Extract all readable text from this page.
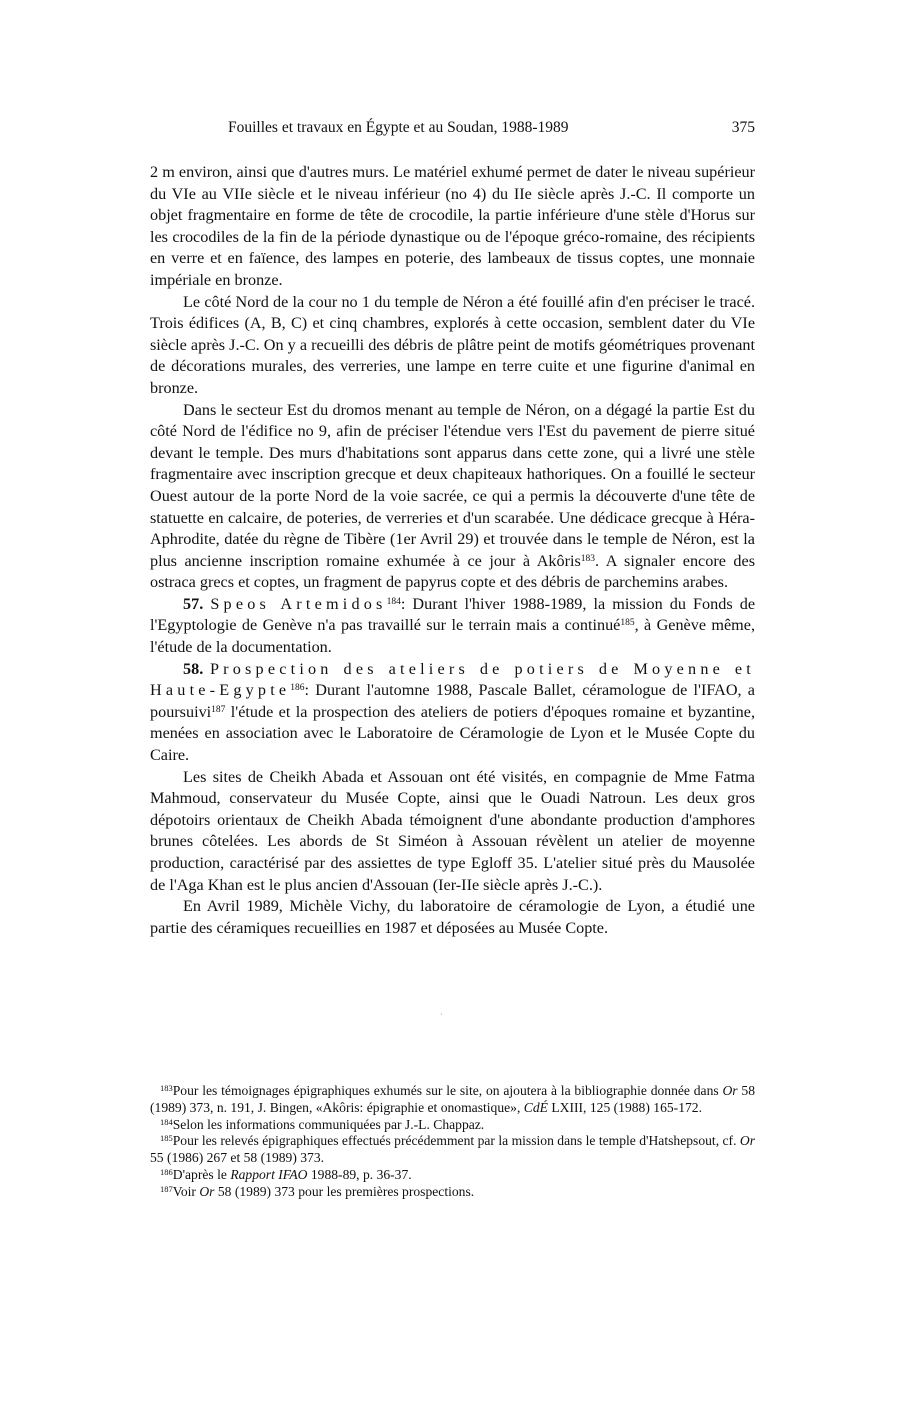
Fouilles et travaux en Égypte et au Soudan, 1988-1989	375

2 m environ, ainsi que d'autres murs. Le matériel exhumé permet de dater le niveau supérieur du VIe au VIIe siècle et le niveau inférieur (no 4) du IIe siècle après J.-C. Il comporte un objet fragmentaire en forme de tête de crocodile, la partie inférieure d'une stèle d'Horus sur les crocodiles de la fin de la période dynastique ou de l'époque gréco-romaine, des récipients en verre et en faïence, des lampes en poterie, des lambeaux de tissus coptes, une monnaie impériale en bronze.

Le côté Nord de la cour no 1 du temple de Néron a été fouillé afin d'en préciser le tracé. Trois édifices (A, B, C) et cinq chambres, explorés à cette occasion, semblent dater du VIe siècle après J.-C. On y a recueilli des débris de plâtre peint de motifs géométriques provenant de décorations murales, des verreries, une lampe en terre cuite et une figurine d'animal en bronze.

Dans le secteur Est du dromos menant au temple de Néron, on a dégagé la partie Est du côté Nord de l'édifice no 9, afin de préciser l'étendue vers l'Est du pavement de pierre situé devant le temple. Des murs d'habitations sont apparus dans cette zone, qui a livré une stèle fragmentaire avec inscription grecque et deux chapiteaux hathoriques. On a fouillé le secteur Ouest autour de la porte Nord de la voie sacrée, ce qui a permis la découverte d'une tête de statuette en calcaire, de poteries, de verreries et d'un scarabée. Une dédicace grecque à Héra-Aphrodite, datée du règne de Tibère (1er Avril 29) et trouvée dans le temple de Néron, est la plus ancienne inscription romaine exhumée à ce jour à Akôris$^{183}$. A signaler encore des ostraca grecs et coptes, un fragment de papyrus copte et des débris de parchemins arabes.

57. Speos Artemidos$^{184}$: Durant l'hiver 1988-1989, la mission du Fonds de l'Egyptologie de Genève n'a pas travaillé sur le terrain mais a continué$^{185}$, à Genève même, l'étude de la documentation.

58. Prospection des ateliers de potiers de Moyenne et Haute-Egypte$^{186}$: Durant l'automne 1988, Pascale Ballet, céramologue de l'IFAO, a poursuivi$^{187}$ l'étude et la prospection des ateliers de potiers d'époques romaine et byzantine, menées en association avec le Laboratoire de Céramologie de Lyon et le Musée Copte du Caire.

Les sites de Cheikh Abada et Assouan ont été visités, en compagnie de Mme Fatma Mahmoud, conservateur du Musée Copte, ainsi que le Ouadi Natroun. Les deux gros dépotoirs orientaux de Cheikh Abada témoignent d'une abondante production d'amphores brunes côtelées. Les abords de St Siméon à Assouan révèlent un atelier de moyenne production, caractérisé par des assiettes de type Egloff 35. L'atelier situé près du Mausolée de l'Aga Khan est le plus ancien d'Assouan (Ier-IIe siècle après J.-C.).

En Avril 1989, Michèle Vichy, du laboratoire de céramologie de Lyon, a étudié une partie des céramiques recueillies en 1987 et déposées au Musée Copte.

·

$^{183}$Pour les témoignages épigraphiques exhumés sur le site, on ajoutera à la bibliographie donnée dans Or 58 (1989) 373, n. 191, J. Bingen, «Akôris: épigraphie et onomastique», CdÉ LXIII, 125 (1988) 165-172.

$^{184}$Selon les informations communiquées par J.-L. Chappaz.

$^{185}$Pour les relevés épigraphiques effectués précédemment par la mission dans le temple d'Hatshepsout, cf. Or 55 (1986) 267 et 58 (1989) 373.

$^{186}$D'après le Rapport IFAO 1988-89, p. 36-37.

$^{187}$Voir Or 58 (1989) 373 pour les premières prospections.
